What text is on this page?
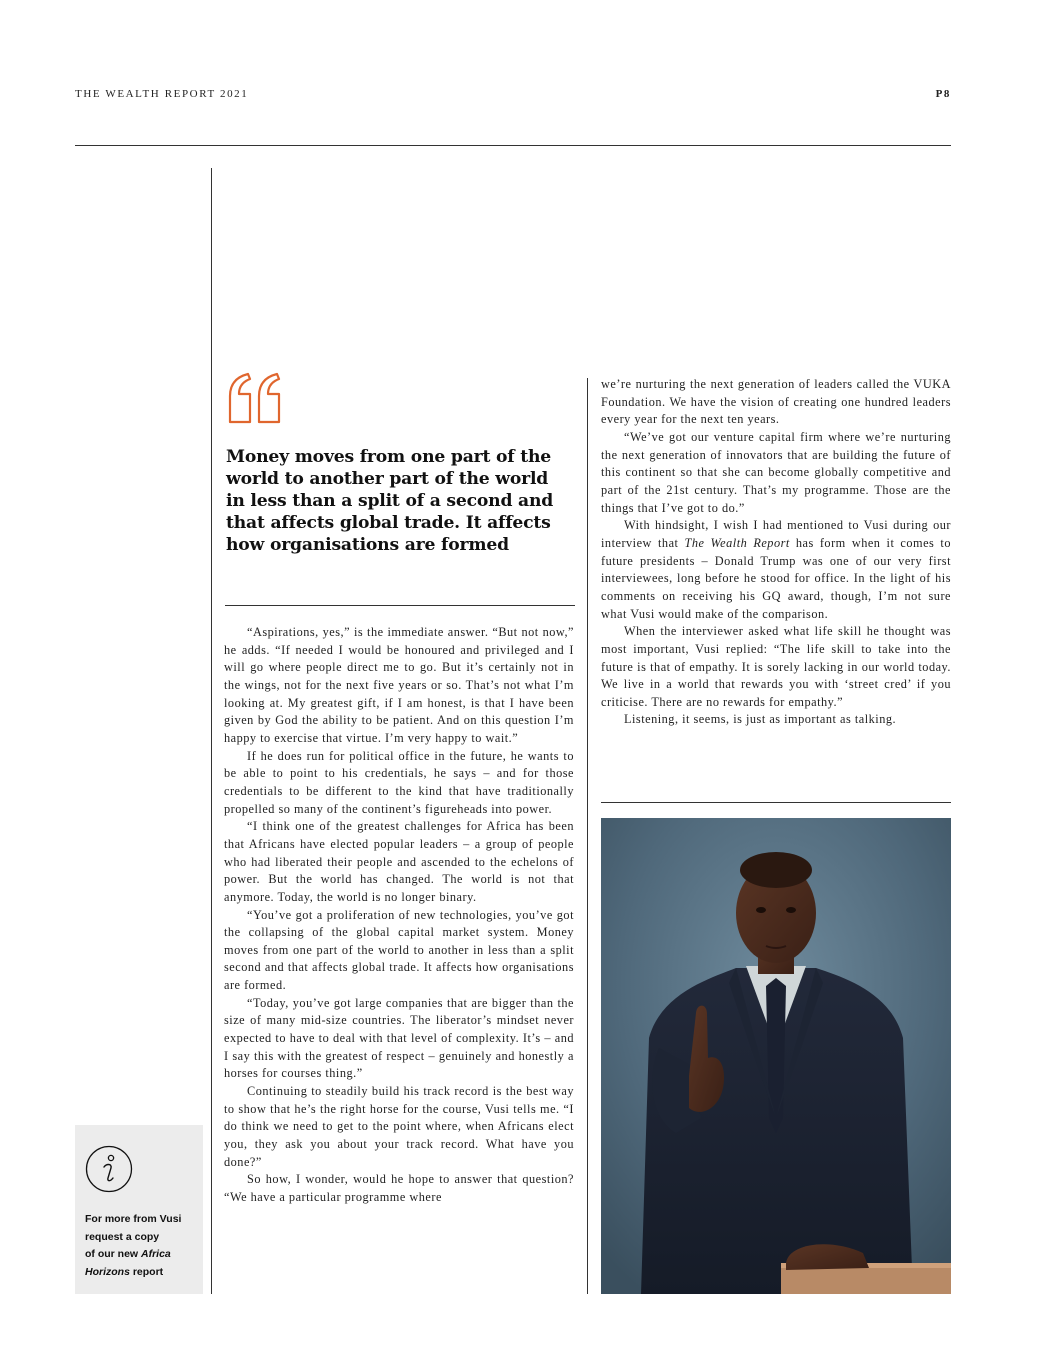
THE WEALTH REPORT 2021	P8
Money moves from one part of the world to another part of the world in less than a split of a second and that affects global trade. It affects how organisations are formed

“Aspirations, yes,” is the immediate answer. “But not now,” he adds. “If needed I would be honoured and privileged and I will go where people direct me to go. But it’s certainly not in the wings, not for the next five years or so. That’s not what I’m looking at. My greatest gift, if I am honest, is that I have been given by God the ability to be patient. And on this question I’m happy to exercise that virtue. I’m very happy to wait.”

If he does run for political office in the future, he wants to be able to point to his credentials, he says – and for those credentials to be different to the kind that have traditionally propelled so many of the continent’s figureheads into power.

“I think one of the greatest challenges for Africa has been that Africans have elected popular leaders – a group of people who had liberated their people and ascended to the echelons of power. But the world has changed. The world is not that anymore. Today, the world is no longer binary.

“You’ve got a proliferation of new technologies, you’ve got the collapsing of the global capital market system. Money moves from one part of the world to another in less than a split second and that affects global trade. It affects how organisations are formed.

“Today, you’ve got large companies that are bigger than the size of many mid-size countries. The liberator’s mindset never expected to have to deal with that level of complexity. It’s – and I say this with the greatest of respect – genuinely and honestly a horses for courses thing.”

Continuing to steadily build his track record is the best way to show that he’s the right horse for the course, Vusi tells me. “I do think we need to get to the point where, when Africans elect you, they ask you about your track record. What have you done?”

So how, I wonder, would he hope to answer that question? “We have a particular programme where

we’re nurturing the next generation of leaders called the VUKA Foundation. We have the vision of creating one hundred leaders every year for the next ten years.

“We’ve got our venture capital firm where we’re nurturing the next generation of innovators that are building the future of this continent so that she can become globally competitive and part of the 21st century. That’s my programme. Those are the things that I’ve got to do.”

With hindsight, I wish I had mentioned to Vusi during our interview that The Wealth Report has form when it comes to future presidents – Donald Trump was one of our very first interviewees, long before he stood for office. In the light of his comments on receiving his GQ award, though, I’m not sure what Vusi would make of the comparison.

When the interviewer asked what life skill he thought was most important, Vusi replied: “The life skill to take into the future is that of empathy. It is sorely lacking in our world today. We live in a world that rewards you with ‘street cred’ if you criticise. There are no rewards for empathy.”

Listening, it seems, is just as important as talking.

For more from Vusi
request a copy
of our new Africa
Horizons report
